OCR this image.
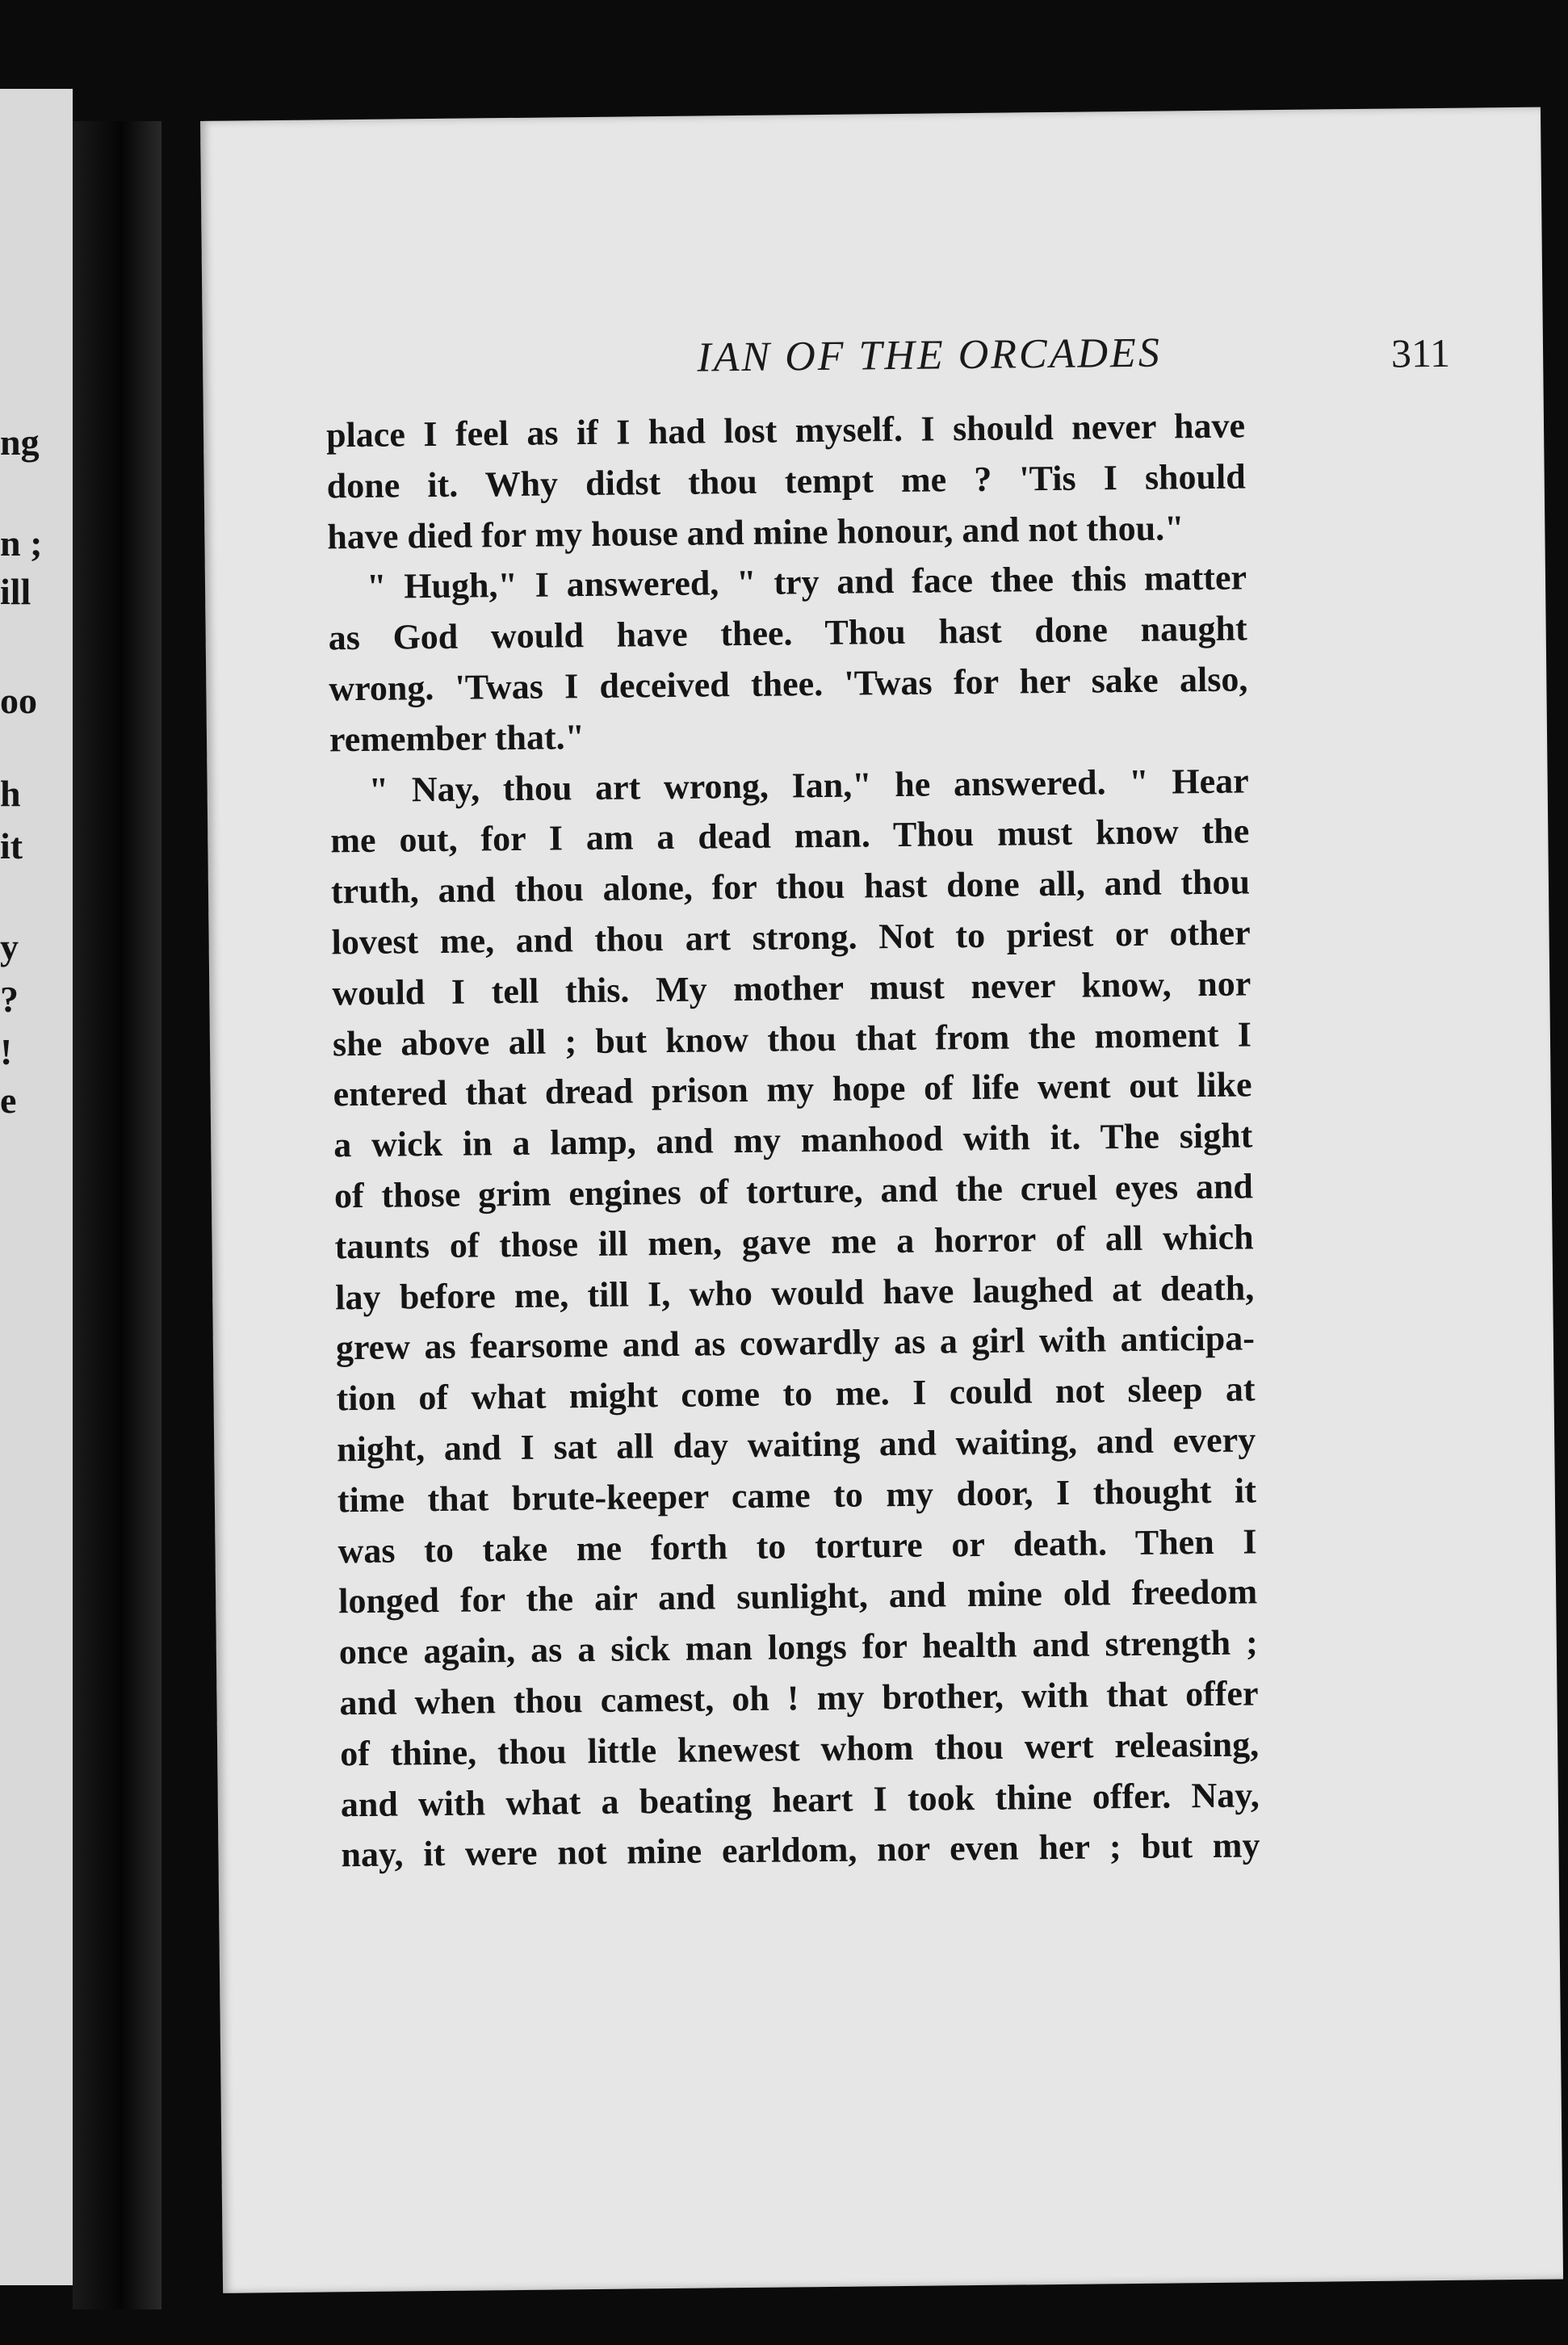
ng
n ;
ill
oo
h
it
y
?
!
e
IAN OF THE ORCADES	311
place I feel as if I had lost myself. I should never have
done it. Why didst thou tempt me ? 'Tis I should
have died for my house and mine honour, and not thou."
" Hugh," I answered, " try and face thee this matter
as God would have thee. Thou hast done naught
wrong. 'Twas I deceived thee. 'Twas for her sake also,
remember that."
" Nay, thou art wrong, Ian," he answered. " Hear
me out, for I am a dead man. Thou must know the
truth, and thou alone, for thou hast done all, and thou
lovest me, and thou art strong. Not to priest or other
would I tell this. My mother must never know, nor
she above all ; but know thou that from the moment I
entered that dread prison my hope of life went out like
a wick in a lamp, and my manhood with it. The sight
of those grim engines of torture, and the cruel eyes and
taunts of those ill men, gave me a horror of all which
lay before me, till I, who would have laughed at death,
grew as fearsome and as cowardly as a girl with anticipa-
tion of what might come to me. I could not sleep at
night, and I sat all day waiting and waiting, and every
time that brute-keeper came to my door, I thought it
was to take me forth to torture or death. Then I
longed for the air and sunlight, and mine old freedom
once again, as a sick man longs for health and strength ;
and when thou camest, oh ! my brother, with that offer
of thine, thou little knewest whom thou wert releasing,
and with what a beating heart I took thine offer. Nay,
nay, it were not mine earldom, nor even her ; but my
